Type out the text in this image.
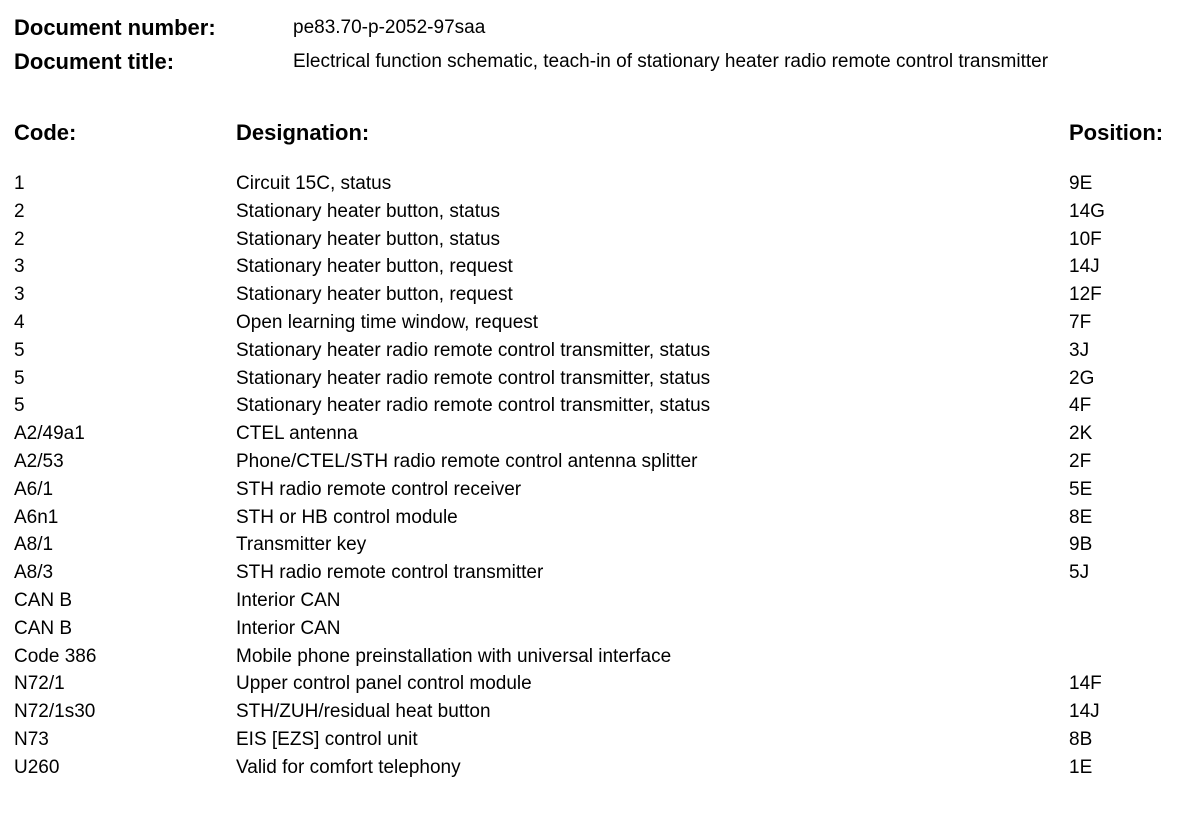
Document number:	pe83.70-p-2052-97saa
Document title:	Electrical function schematic, teach-in of stationary heater radio remote control transmitter
Code:	Designation:	Position:
1	Circuit 15C, status	9E
2	Stationary heater button, status	14G
2	Stationary heater button, status	10F
3	Stationary heater button, request	14J
3	Stationary heater button, request	12F
4	Open learning time window, request	7F
5	Stationary heater radio remote control transmitter, status	3J
5	Stationary heater radio remote control transmitter, status	2G
5	Stationary heater radio remote control transmitter, status	4F
A2/49a1	CTEL antenna	2K
A2/53	Phone/CTEL/STH radio remote control antenna splitter	2F
A6/1	STH radio remote control receiver	5E
A6n1	STH or HB control module	8E
A8/1	Transmitter key	9B
A8/3	STH radio remote control transmitter	5J
CAN B	Interior CAN
CAN B	Interior CAN
Code 386	Mobile phone preinstallation with universal interface
N72/1	Upper control panel control module	14F
N72/1s30	STH/ZUH/residual heat button	14J
N73	EIS [EZS] control unit	8B
U260	Valid for comfort telephony	1E
